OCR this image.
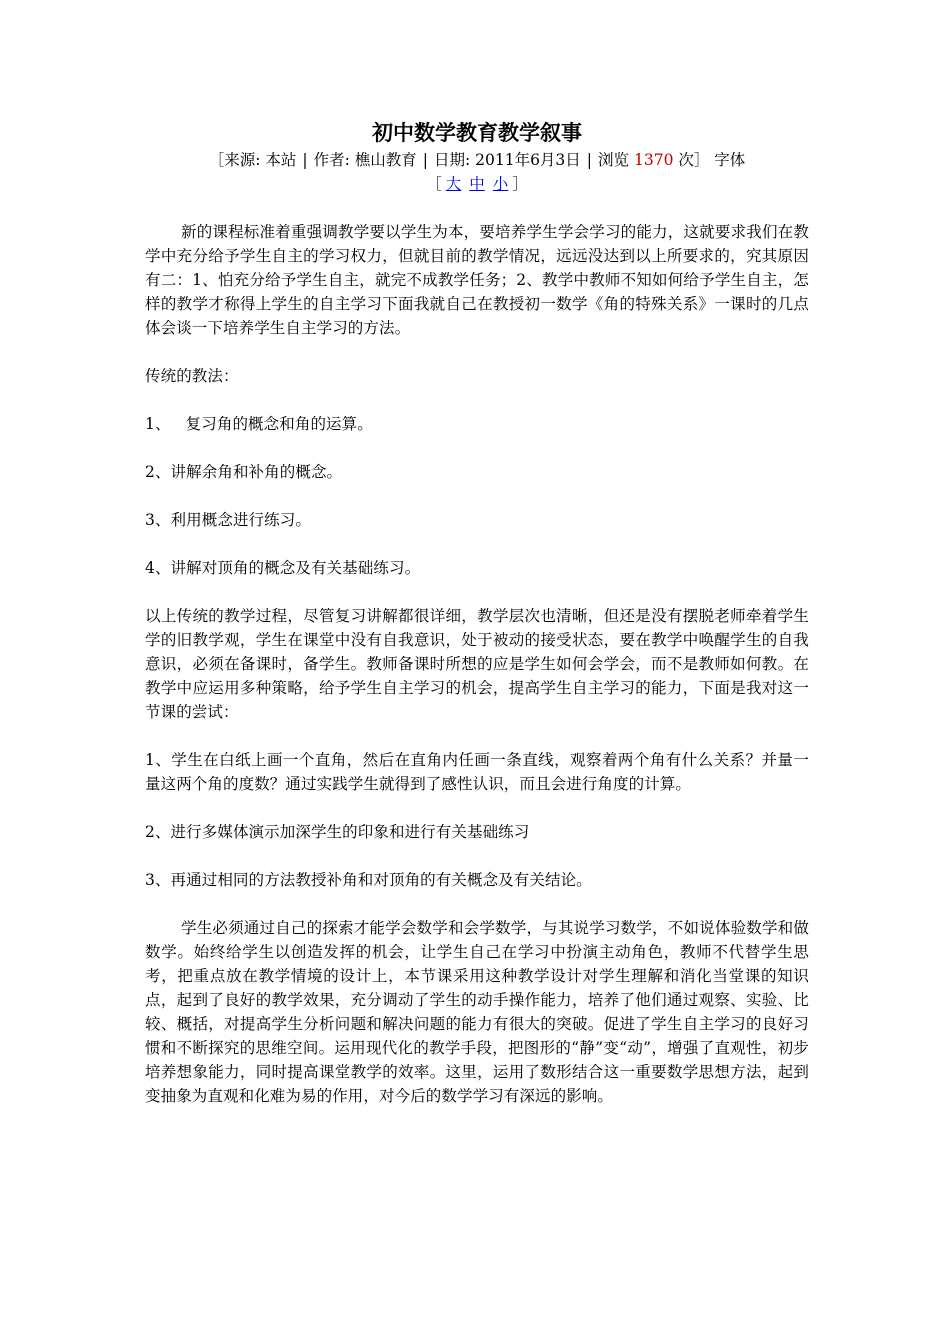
初中数学教育教学叙事
［来源: 本站 | 作者: 樵山教育 | 日期: 2011年6月3日 | 浏览 1370 次］ 字体
［ 大 中 小 ］

新的课程标准着重强调教学要以学生为本，要培养学生学会学习的能力，这就要求我们在教学中充分给予学生自主的学习权力，但就目前的教学情况，远远没达到以上所要求的，究其原因有二：1、怕充分给予学生自主，就完不成教学任务；2、教学中教师不知如何给予学生自主，怎样的教学才称得上学生的自主学习下面我就自己在教授初一数学《角的特殊关系》一课时的几点体会谈一下培养学生自主学习的方法。

传统的教法：

1、   复习角的概念和角的运算。

2、讲解余角和补角的概念。

3、利用概念进行练习。

4、讲解对顶角的概念及有关基础练习。

以上传统的教学过程，尽管复习讲解都很详细，教学层次也清晰，但还是没有摆脱老师牵着学生学的旧教学观，学生在课堂中没有自我意识，处于被动的接受状态，要在教学中唤醒学生的自我意识，必须在备课时，备学生。教师备课时所想的应是学生如何会学会，而不是教师如何教。在教学中应运用多种策略，给予学生自主学习的机会，提高学生自主学习的能力，下面是我对这一节课的尝试：

1、学生在白纸上画一个直角，然后在直角内任画一条直线，观察着两个角有什么关系？并量一量这两个角的度数？通过实践学生就得到了感性认识，而且会进行角度的计算。

2、进行多媒体演示加深学生的印象和进行有关基础练习

3、再通过相同的方法教授补角和对顶角的有关概念及有关结论。

学生必须通过自己的探索才能学会数学和会学数学，与其说学习数学，不如说体验数学和做数学。始终给学生以创造发挥的机会，让学生自己在学习中扮演主动角色，教师不代替学生思考，把重点放在教学情境的设计上，本节课采用这种教学设计对学生理解和消化当堂课的知识点，起到了良好的教学效果，充分调动了学生的动手操作能力，培养了他们通过观察、实验、比较、概括，对提高学生分析问题和解决问题的能力有很大的突破。促进了学生自主学习的良好习惯和不断探究的思维空间。运用现代化的教学手段，把图形的“静”变“动”，增强了直观性，初步培养想象能力，同时提高课堂教学的效率。这里，运用了数形结合这一重要数学思想方法，起到变抽象为直观和化难为易的作用，对今后的数学学习有深远的影响。
